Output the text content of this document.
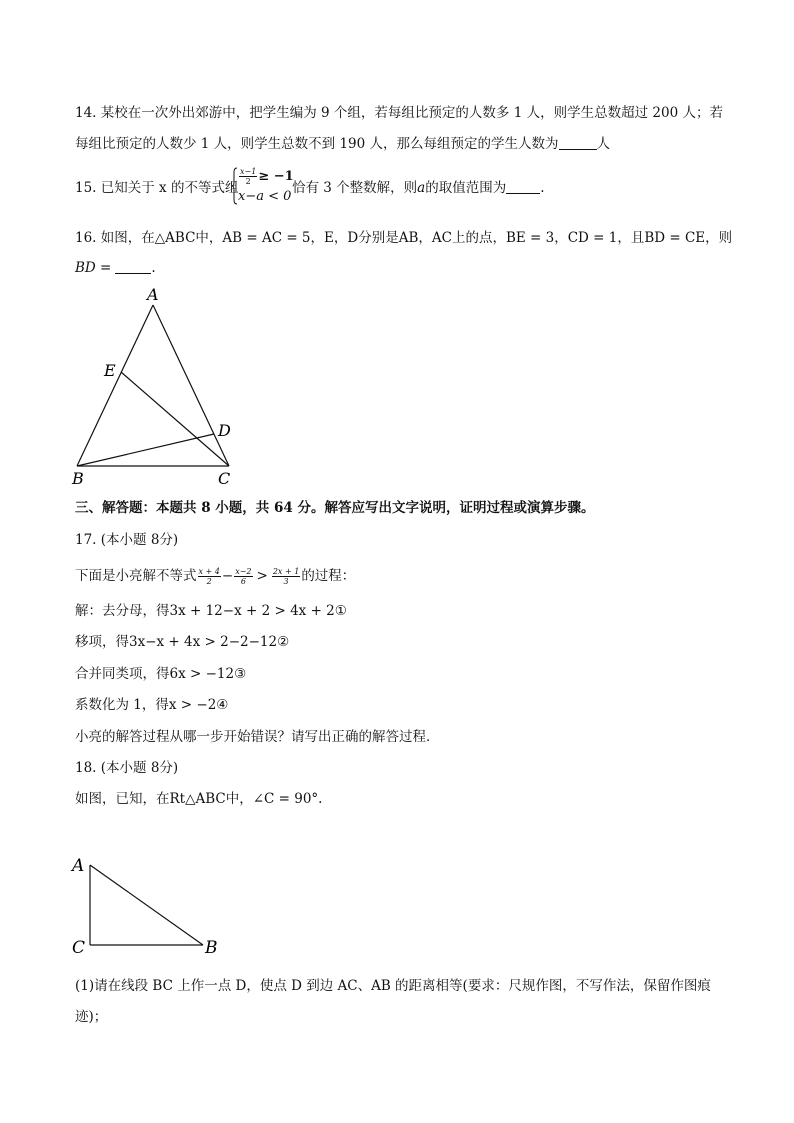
14. 某校在一次外出郊游中，把学生编为 9 个组，若每组比预定的人数多 1 人，则学生总数超过 200 人；若
每组比预定的人数少 1 人，则学生总数不到 190 人，那么每组预定的学生人数为	人
15. 已知关于 x 的不等式组
$\frac{x-1}{2} \ge -1$
x−a < 0
恰有 3 个整数解，则a的取值范围为	.
16. 如图，在△ABC中，AB = AC = 5，E，D分别是AB，AC上的点，BE = 3，CD = 1，且BD = CE，则
BD =	.
A
E
D
B	C
A
C	B
三、解答题：本题共 8 小题，共 64 分。解答应写出文字说明，证明过程或演算步骤。
17. (本小题 8分)
下面是小亮解不等式 $\frac{x + 4}{2} - \frac{x-2}{6} > \frac{2x + 1}{3}$ 的过程：
解：去分母，得3x + 12−x + 2 > 4x + 2①
移项，得3x−x + 4x > 2−2−12②
合并同类项，得6x > −12③
系数化为 1，得x > −2④
小亮的解答过程从哪一步开始错误？请写出正确的解答过程．
18. (本小题 8分)
如图，已知，在Rt△ABC中，∠C = 90°.
(1)请在线段 BC 上作一点 D，使点 D 到边 AC、AB 的距离相等(要求：尺规作图，不写作法，保留作图痕
迹)；
